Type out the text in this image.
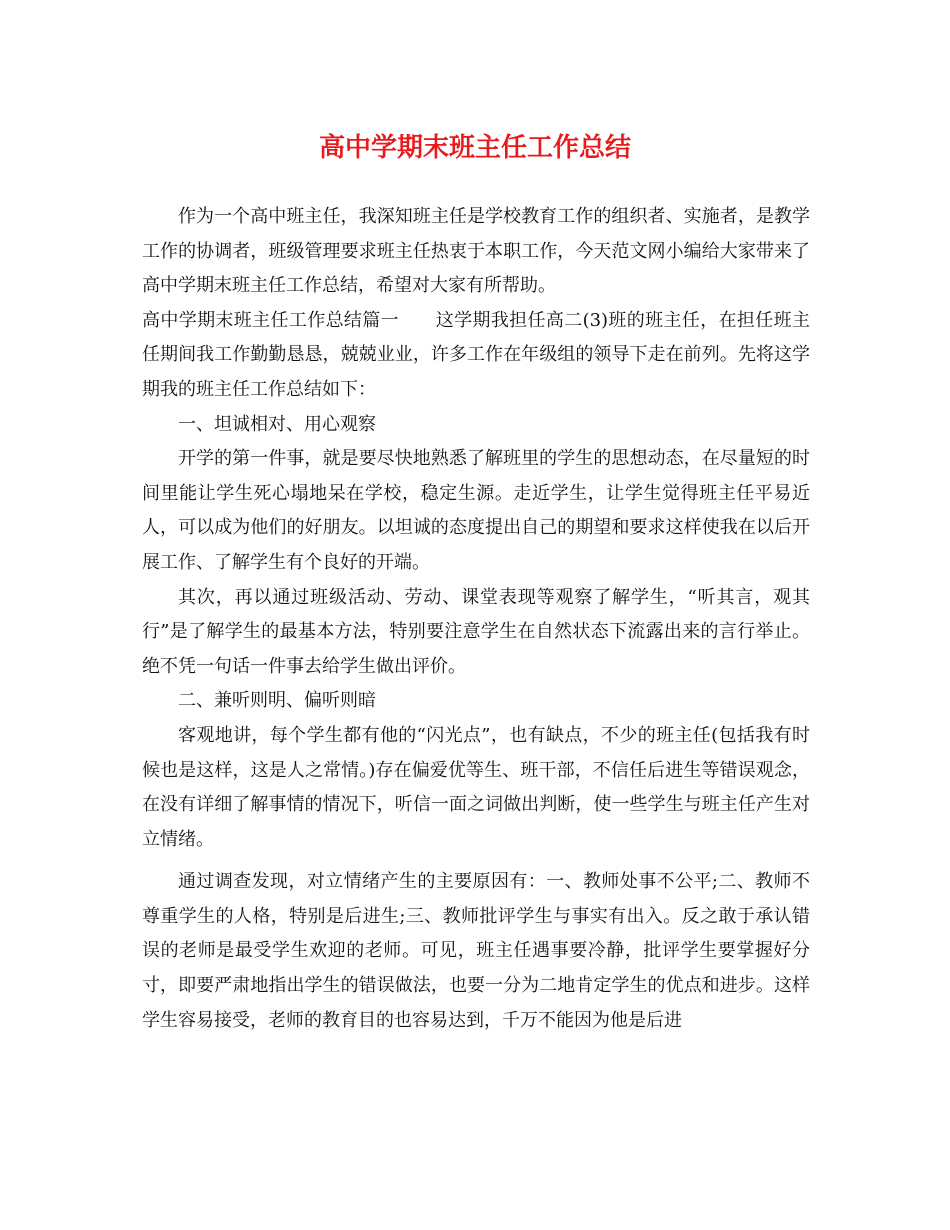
高中学期末班主任工作总结

作为一个高中班主任，我深知班主任是学校教育工作的组织者、实施者，是教学工作的协调者，班级管理要求班主任热衷于本职工作，今天范文网小编给大家带来了高中学期末班主任工作总结，希望对大家有所帮助。

高中学期末班主任工作总结篇一　　这学期我担任高二(3)班的班主任，在担任班主任期间我工作勤勤恳恳，兢兢业业，许多工作在年级组的领导下走在前列。先将这学期我的班主任工作总结如下：

一、坦诚相对、用心观察

开学的第一件事，就是要尽快地熟悉了解班里的学生的思想动态，在尽量短的时间里能让学生死心塌地呆在学校，稳定生源。走近学生，让学生觉得班主任平易近人，可以成为他们的好朋友。以坦诚的态度提出自己的期望和要求这样使我在以后开展工作、了解学生有个良好的开端。

其次，再以通过班级活动、劳动、课堂表现等观察了解学生，“听其言，观其行”是了解学生的最基本方法，特别要注意学生在自然状态下流露出来的言行举止。绝不凭一句话一件事去给学生做出评价。

二、兼听则明、偏听则暗

客观地讲，每个学生都有他的“闪光点”，也有缺点，不少的班主任(包括我有时候也是这样，这是人之常情。)存在偏爱优等生、班干部，不信任后进生等错误观念，在没有详细了解事情的情况下，听信一面之词做出判断，使一些学生与班主任产生对立情绪。

通过调查发现，对立情绪产生的主要原因有：一、教师处事不公平;二、教师不尊重学生的人格，特别是后进生;三、教师批评学生与事实有出入。反之敢于承认错误的老师是最受学生欢迎的老师。可见，班主任遇事要冷静，批评学生要掌握好分寸，即要严肃地指出学生的错误做法，也要一分为二地肯定学生的优点和进步。这样学生容易接受，老师的教育目的也容易达到，千万不能因为他是后进
